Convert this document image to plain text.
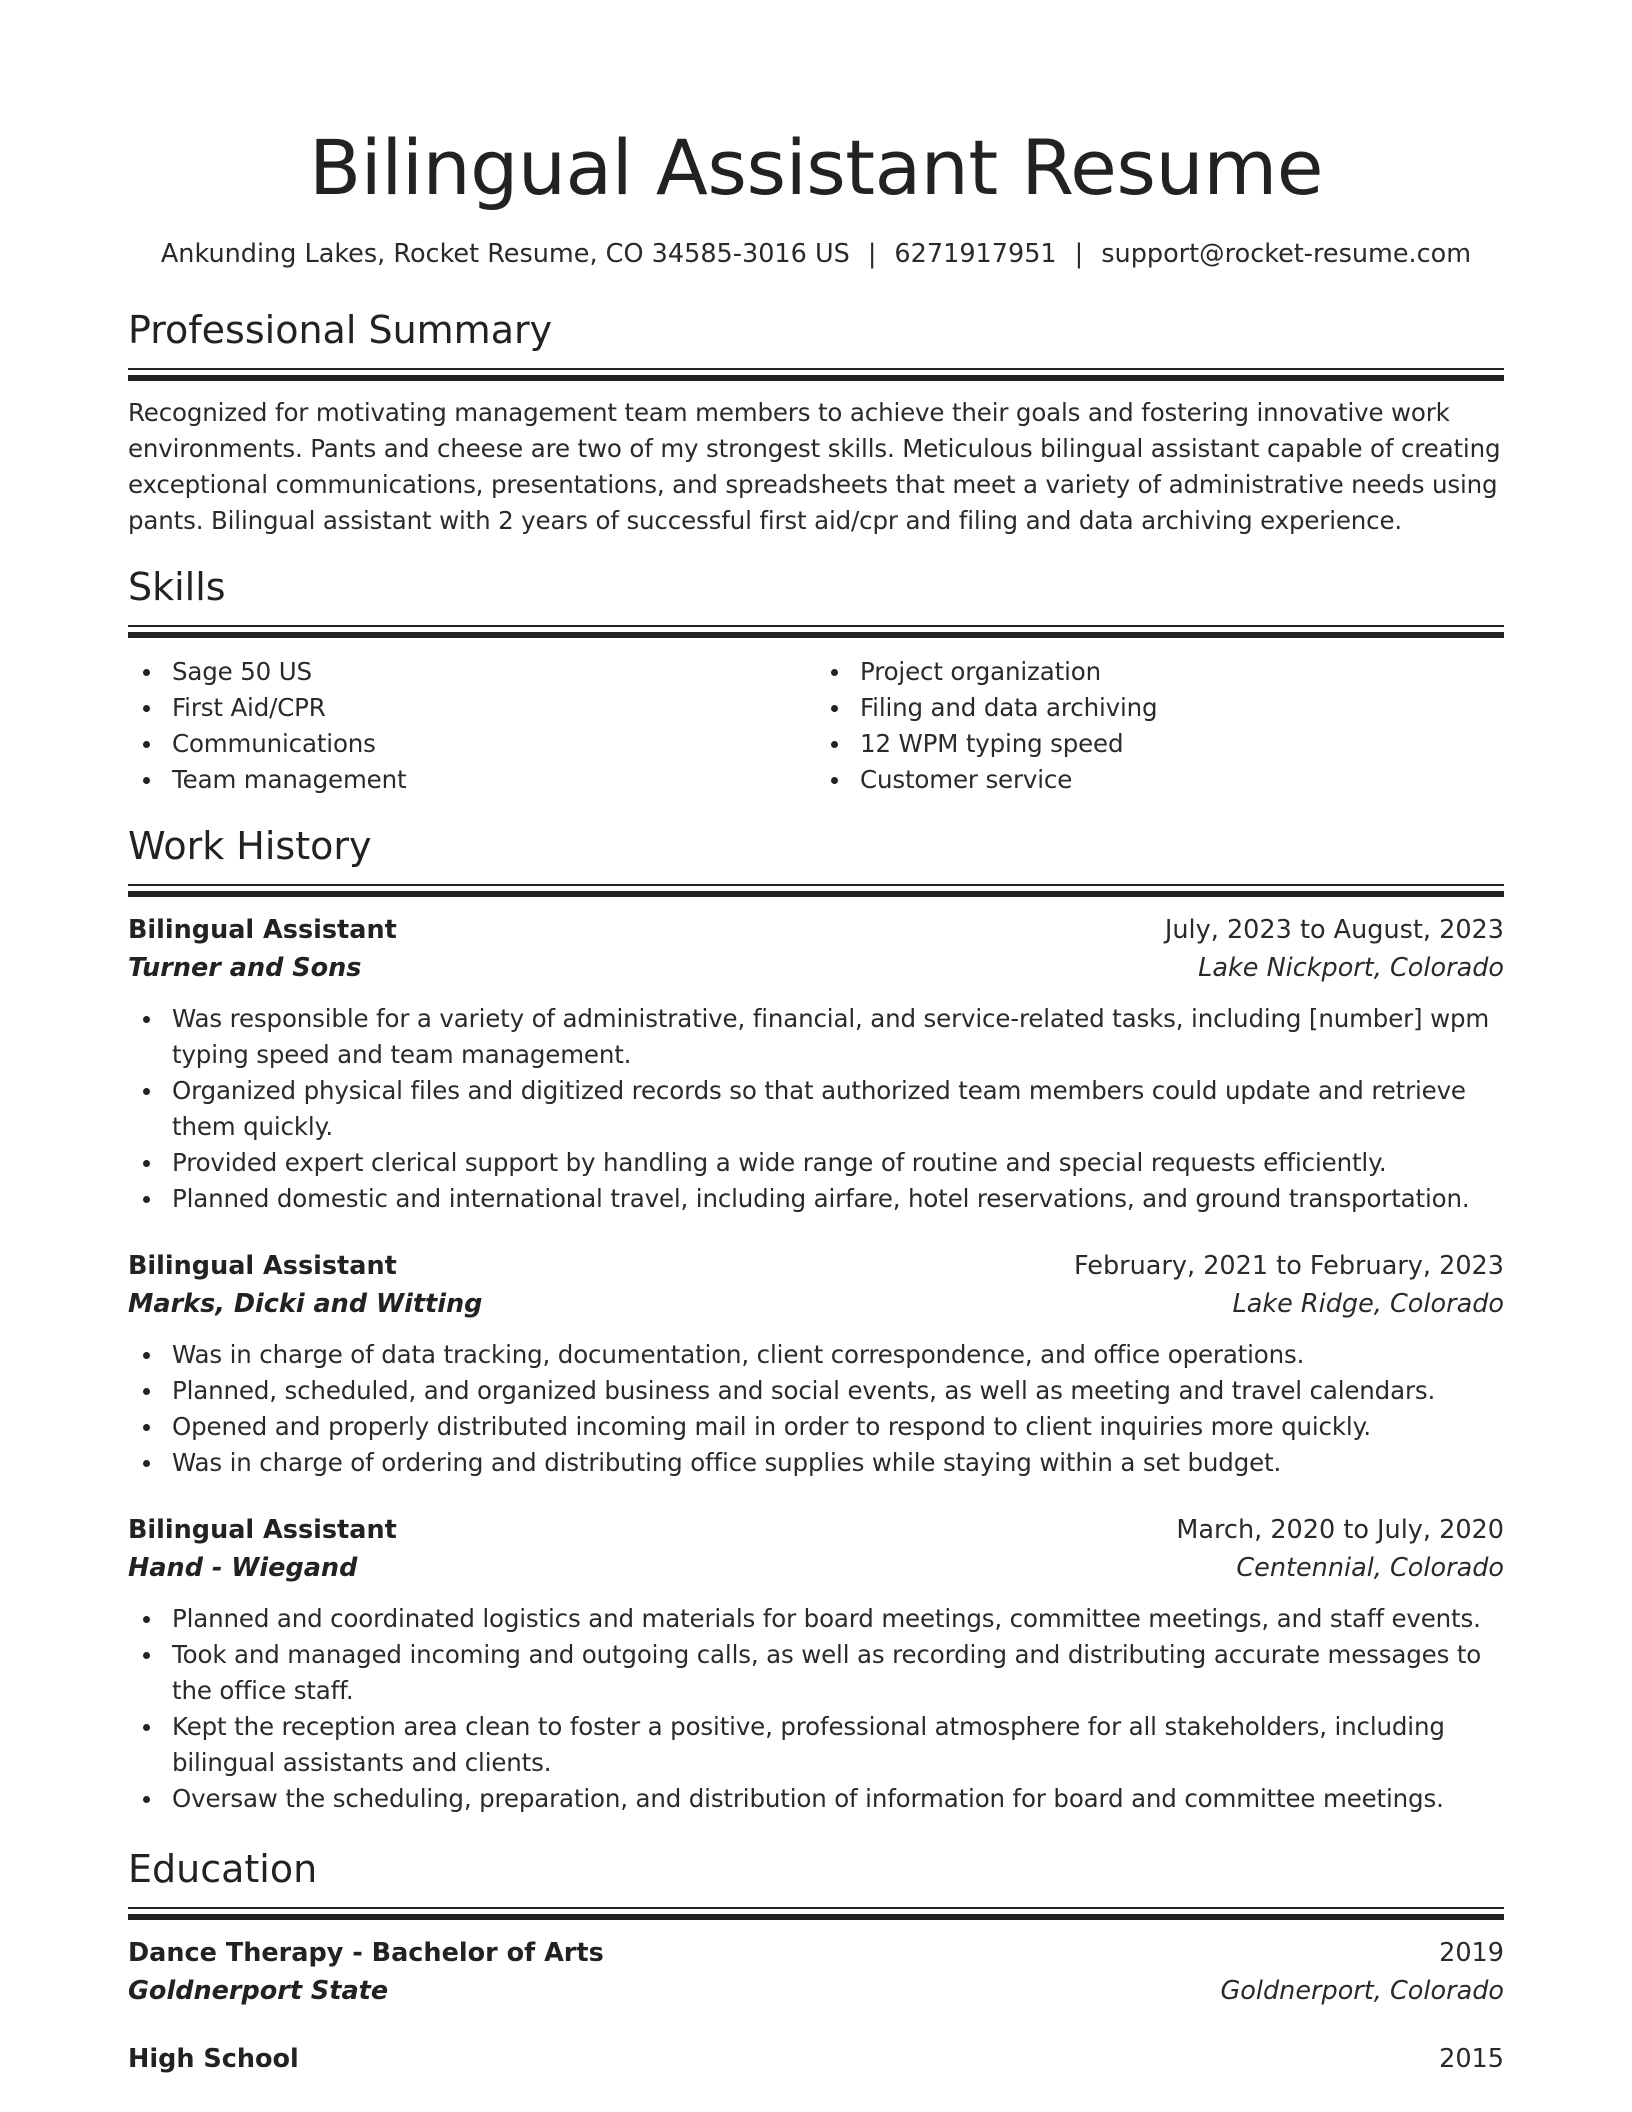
Bilingual Assistant Resume
Ankunding Lakes, Rocket Resume, CO 34585-3016 US | 6271917951 | support@rocket-resume.com
Professional Summary

Recognized for motivating management team members to achieve their goals and fostering innovative work environments. Pants and cheese are two of my strongest skills. Meticulous bilingual assistant capable of creating exceptional communications, presentations, and spreadsheets that meet a variety of administrative needs using pants. Bilingual assistant with 2 years of successful first aid/cpr and filing and data archiving experience.

Skills
Sage 50 US
First Aid/CPR
Communications
Team management
Project organization
Filing and data archiving
12 WPM typing speed
Customer service
Work History
Bilingual Assistant	July, 2023 to August, 2023
Turner and Sons	Lake Nickport, Colorado
Was responsible for a variety of administrative, financial, and service-related tasks, including [number] wpm typing speed and team management.
Organized physical files and digitized records so that authorized team members could update and retrieve them quickly.
Provided expert clerical support by handling a wide range of routine and special requests efficiently.
Planned domestic and international travel, including airfare, hotel reservations, and ground transportation.
Bilingual Assistant	February, 2021 to February, 2023
Marks, Dicki and Witting	Lake Ridge, Colorado
Was in charge of data tracking, documentation, client correspondence, and office operations.
Planned, scheduled, and organized business and social events, as well as meeting and travel calendars.
Opened and properly distributed incoming mail in order to respond to client inquiries more quickly.
Was in charge of ordering and distributing office supplies while staying within a set budget.
Bilingual Assistant	March, 2020 to July, 2020
Hand - Wiegand	Centennial, Colorado
Planned and coordinated logistics and materials for board meetings, committee meetings, and staff events.
Took and managed incoming and outgoing calls, as well as recording and distributing accurate messages to the office staff.
Kept the reception area clean to foster a positive, professional atmosphere for all stakeholders, including bilingual assistants and clients.
Oversaw the scheduling, preparation, and distribution of information for board and committee meetings.
Education
Dance Therapy - Bachelor of Arts	2019
Goldnerport State	Goldnerport, Colorado
High School	2015
